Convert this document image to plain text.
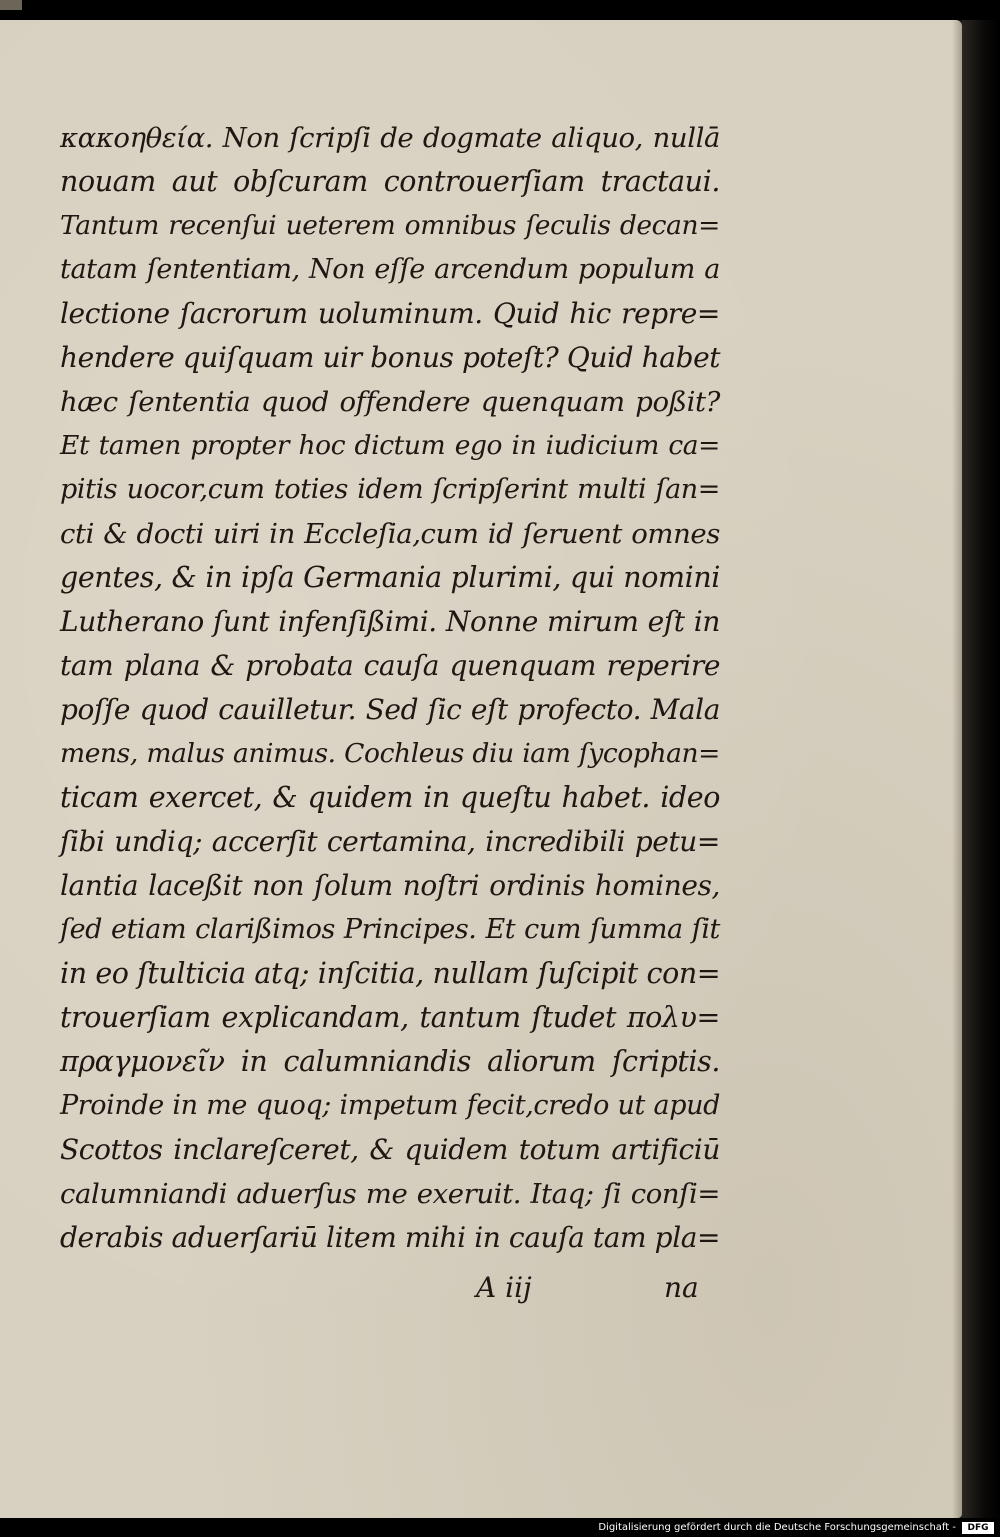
κακοηθεία. Non ſcripſi de dogmate aliquo, nullā
nouam aut obſcuram controuerſiam tractaui.
Tantum recenſui ueterem omnibus ſeculis decan=
tatam ſententiam, Non eſſe arcendum populum a
lectione ſacrorum uoluminum. Quid hic repre=
hendere quiſquam uir bonus poteſt? Quid habet
hæc ſententia quod offendere quenquam poßit?
Et tamen propter hoc dictum ego in iudicium ca=
pitis uocor,cum toties idem ſcripſerint multi ſan=
cti & docti uiri in Eccleſia,cum id ſeruent omnes
gentes, & in ipſa Germania plurimi, qui nomini
Lutherano ſunt infenſißimi. Nonne mirum eſt in
tam plana & probata cauſa quenquam reperire
poſſe quod cauilletur. Sed ſic eſt profecto. Mala
mens, malus animus. Cochleus diu iam ſycophan=
ticam exercet, & quidem in queſtu habet. ideo
ſibi undiq; accerſit certamina, incredibili petu=
lantia laceßit non ſolum noſtri ordinis homines,
ſed etiam clarißimos Principes. Et cum ſumma ſit
in eo ſtulticia atq; inſcitia, nullam ſuſcipit con=
trouerſiam explicandam, tantum ſtudet πολυ=
πραγμονεῖν in calumniandis aliorum ſcriptis.
Proinde in me quoq; impetum fecit,credo ut apud
Scottos inclareſceret, & quidem totum artificiū
calumniandi aduerſus me exeruit. Itaq; ſi conſi=
derabis aduerſariū litem mihi in cauſa tam pla=
A iij	na
Digitalisierung gefördert durch die Deutsche Forschungsgemeinschaft -	DFG
